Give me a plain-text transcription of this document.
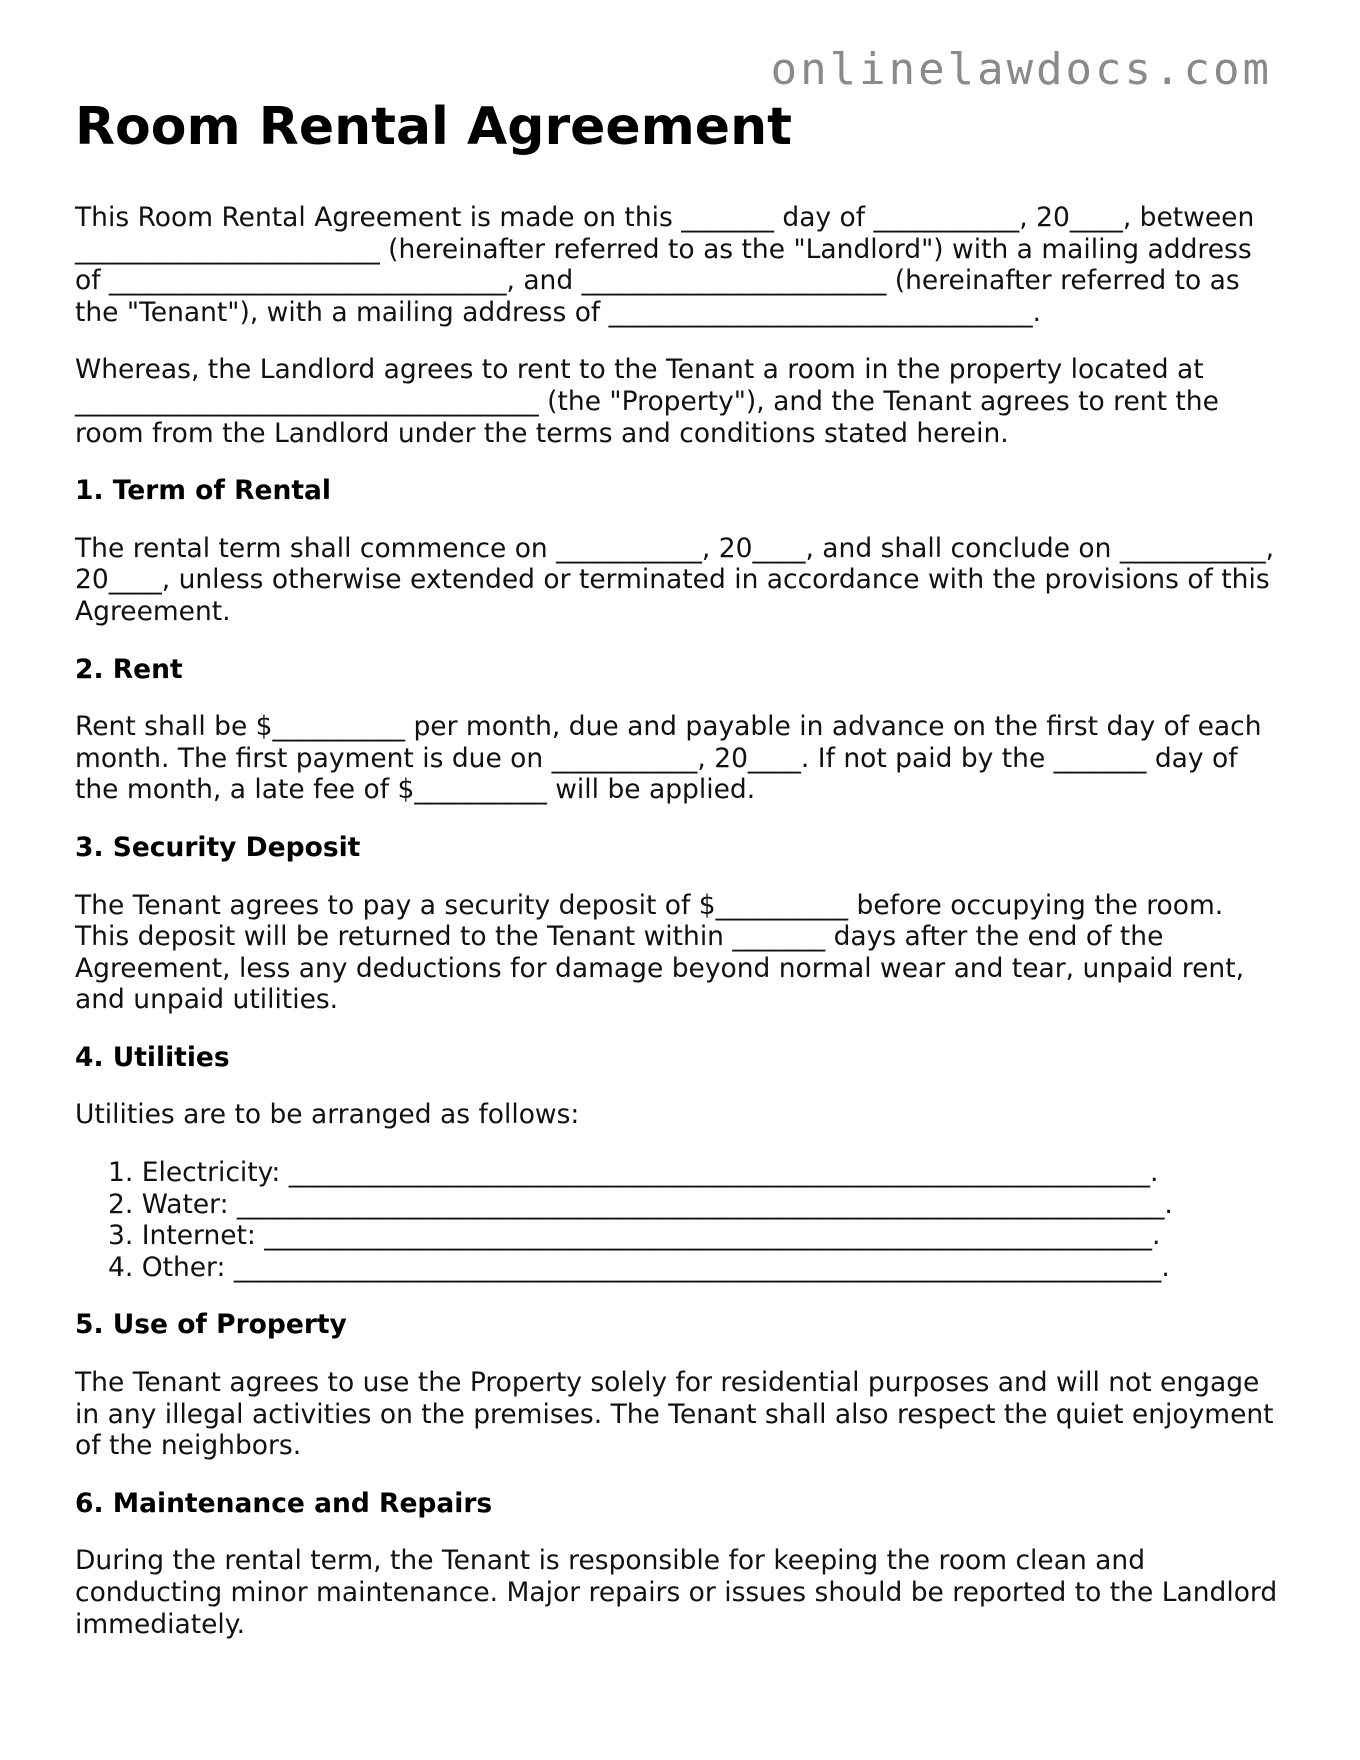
onlinelawdocs.com
Room Rental Agreement

This Room Rental Agreement is made on this _______ day of ___________, 20____, between _______________________ (hereinafter referred to as the "Landlord") with a mailing address of ______________________________, and _______________________ (hereinafter referred to as the "Tenant"), with a mailing address of ________________________________.

Whereas, the Landlord agrees to rent to the Tenant a room in the property located at ___________________________________ (the "Property"), and the Tenant agrees to rent the room from the Landlord under the terms and conditions stated herein.

1. Term of Rental

The rental term shall commence on ___________, 20____, and shall conclude on ___________, 20____, unless otherwise extended or terminated in accordance with the provisions of this Agreement.

2. Rent

Rent shall be $__________ per month, due and payable in advance on the first day of each month. The first payment is due on ___________, 20____. If not paid by the _______ day of the month, a late fee of $__________ will be applied.

3. Security Deposit

The Tenant agrees to pay a security deposit of $__________ before occupying the room. This deposit will be returned to the Tenant within _______ days after the end of the Agreement, less any deductions for damage beyond normal wear and tear, unpaid rent, and unpaid utilities.

4. Utilities

Utilities are to be arranged as follows:

1. Electricity: _________________________________________________________________.
2. Water: ______________________________________________________________________.
3. Internet: ___________________________________________________________________.
4. Other: ______________________________________________________________________.
5. Use of Property

The Tenant agrees to use the Property solely for residential purposes and will not engage in any illegal activities on the premises. The Tenant shall also respect the quiet enjoyment of the neighbors.

6. Maintenance and Repairs

During the rental term, the Tenant is responsible for keeping the room clean and conducting minor maintenance. Major repairs or issues should be reported to the Landlord immediately.
